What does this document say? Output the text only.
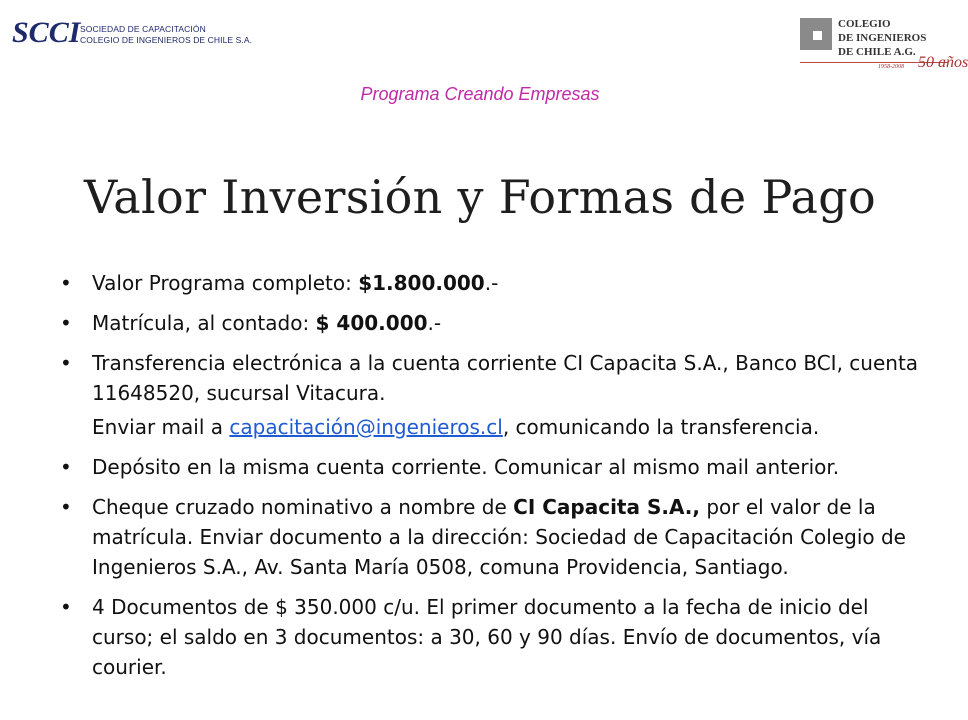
SCCI SOCIEDAD DE CAPACITACIÓN
COLEGIO DE INGENIEROS DE CHILE S.A.
COLEGIO
DE INGENIEROS
DE CHILE A.G.
1958-2008 50 años
Programa Creando Empresas
Valor Inversión y Formas de Pago
• Valor Programa completo: $1.800.000.-
• Matrícula, al contado: $ 400.000.-
• Transferencia electrónica a la cuenta corriente CI Capacita S.A., Banco BCI, cuenta 11648520, sucursal Vitacura.
Enviar mail a capacitación@ingenieros.cl, comunicando la transferencia.
• Depósito en la misma cuenta corriente. Comunicar al mismo mail anterior.
• Cheque cruzado nominativo a nombre de CI Capacita S.A., por el valor de la matrícula. Enviar documento a la dirección: Sociedad de Capacitación Colegio de Ingenieros S.A., Av. Santa María 0508, comuna Providencia, Santiago.
• 4 Documentos de $ 350.000 c/u. El primer documento a la fecha de inicio del curso; el saldo en 3 documentos: a 30, 60 y 90 días. Envío de documentos, vía courier.
